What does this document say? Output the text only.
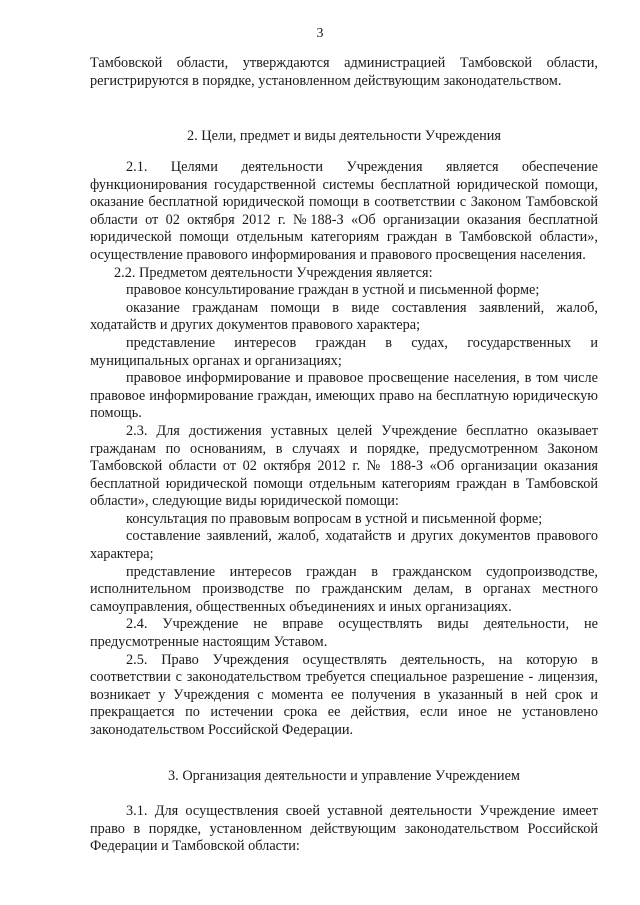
3

Тамбовской области, утверждаются администрацией Тамбовской области, регистрируются в порядке, установленном действующим законодательством.

2. Цели, предмет и виды деятельности Учреждения

2.1. Целями деятельности Учреждения является обеспечение функционирования государственной системы бесплатной юридической помощи, оказание бесплатной юридической помощи в соответствии с Законом Тамбовской области от 02 октября 2012 г. №188-З «Об организации оказания бесплатной юридической помощи отдельным категориям граждан в Тамбовской области», осуществление правового информирования и правового просвещения населения.

2.2. Предметом деятельности Учреждения является:

правовое консультирование граждан в устной и письменной форме;

оказание гражданам помощи в виде составления заявлений, жалоб, ходатайств и других документов правового характера;

представление интересов граждан в судах, государственных и муниципальных органах и организациях;

правовое информирование и правовое просвещение населения, в том числе правовое информирование граждан, имеющих право на бесплатную юридическую помощь.

2.3. Для достижения уставных целей Учреждение бесплатно оказывает гражданам по основаниям, в случаях и порядке, предусмотренном Законом Тамбовской области от 02 октября 2012 г. № 188-З «Об организации оказания бесплатной юридической помощи отдельным категориям граждан в Тамбовской области», следующие виды юридической помощи:

консультация по правовым вопросам в устной и письменной форме;

составление заявлений, жалоб, ходатайств и других документов правового характера;

представление интересов граждан в гражданском судопроизводстве, исполнительном производстве по гражданским делам, в органах местного самоуправления, общественных объединениях и иных организациях.

2.4. Учреждение не вправе осуществлять виды деятельности, не предусмотренные настоящим Уставом.

2.5. Право Учреждения осуществлять деятельность, на которую в соответствии с законодательством требуется специальное разрешение - лицензия, возникает у Учреждения с момента ее получения в указанный в ней срок и прекращается по истечении срока ее действия, если иное не установлено законодательством Российской Федерации.

3. Организация деятельности и управление Учреждением

3.1. Для осуществления своей уставной деятельности Учреждение имеет право в порядке, установленном действующим законодательством Российской Федерации и Тамбовской области:
